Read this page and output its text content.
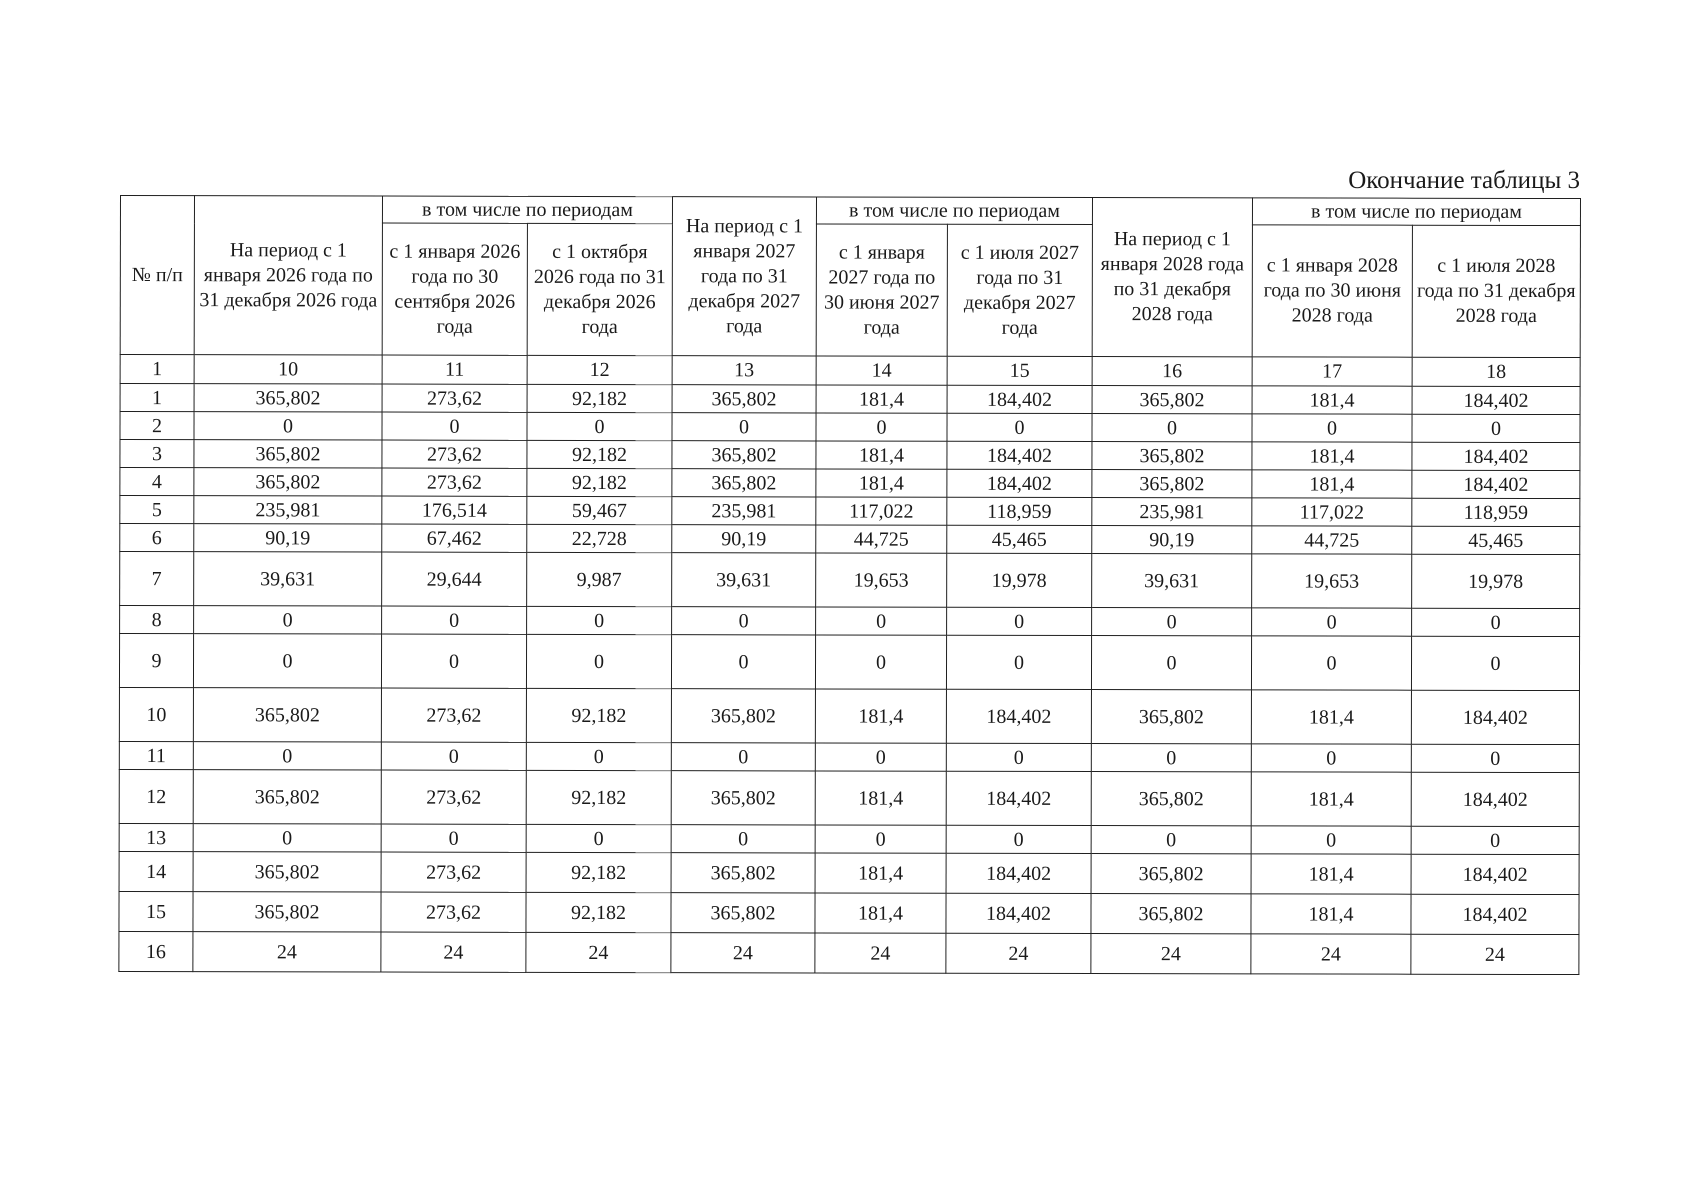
Окончание таблицы 3
№ п/п	На период с 1 января 2026 года по 31 декабря 2026 года	в том числе по периодам		На период с 1 января 2027 года по 31 декабря 2027 года	в том числе по периодам		На период с 1 января 2028 года по 31 декабря 2028 года	в том числе по периодам	
		с 1 января 2026 года по 30 сентября 2026 года	с 1 октября 2026 года по 31 декабря 2026 года		с 1 января 2027 года по 30 июня 2027 года	с 1 июля 2027 года по 31 декабря 2027 года		с 1 января 2028 года по 30 июня 2028 года	с 1 июля 2028 года по 31 декабря 2028 года
1	10	11	12	13	14	15	16	17	18
1	365,802	273,62	92,182	365,802	181,4	184,402	365,802	181,4	184,402
2	0	0	0	0	0	0	0	0	0
3	365,802	273,62	92,182	365,802	181,4	184,402	365,802	181,4	184,402
4	365,802	273,62	92,182	365,802	181,4	184,402	365,802	181,4	184,402
5	235,981	176,514	59,467	235,981	117,022	118,959	235,981	117,022	118,959
6	90,19	67,462	22,728	90,19	44,725	45,465	90,19	44,725	45,465
7	39,631	29,644	9,987	39,631	19,653	19,978	39,631	19,653	19,978
8	0	0	0	0	0	0	0	0	0
9	0	0	0	0	0	0	0	0	0
10	365,802	273,62	92,182	365,802	181,4	184,402	365,802	181,4	184,402
11	0	0	0	0	0	0	0	0	0
12	365,802	273,62	92,182	365,802	181,4	184,402	365,802	181,4	184,402
13	0	0	0	0	0	0	0	0	0
14	365,802	273,62	92,182	365,802	181,4	184,402	365,802	181,4	184,402
15	365,802	273,62	92,182	365,802	181,4	184,402	365,802	181,4	184,402
16	24	24	24	24	24	24	24	24	24
